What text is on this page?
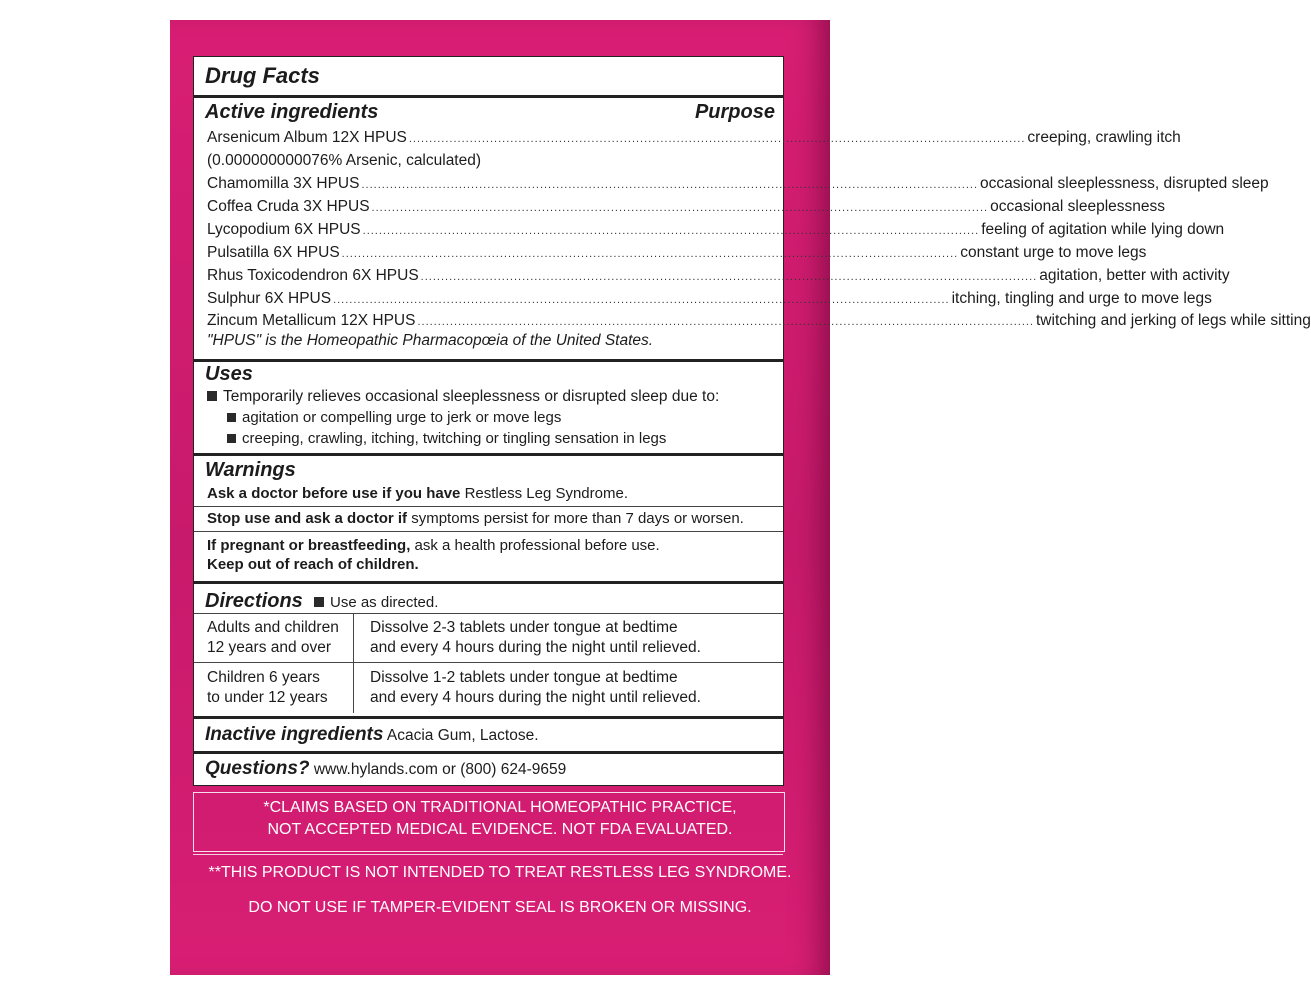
Drug Facts
Active ingredients	Purpose
Arsenicum Album 12X HPUS ........................................................................................................................................................ creeping, crawling itch
(0.000000000076% Arsenic, calculated)
Chamomilla 3X HPUS ........................................................................................................................................................ occasional sleeplessness, disrupted sleep
Coffea Cruda 3X HPUS ........................................................................................................................................................ occasional sleeplessness
Lycopodium 6X HPUS ........................................................................................................................................................ feeling of agitation while lying down
Pulsatilla 6X HPUS ........................................................................................................................................................ constant urge to move legs
Rhus Toxicodendron 6X HPUS ........................................................................................................................................................ agitation, better with activity
Sulphur 6X HPUS ........................................................................................................................................................ itching, tingling and urge to move legs
Zincum Metallicum 12X HPUS ........................................................................................................................................................ twitching and jerking of legs while sitting
"HPUS" is the Homeopathic Pharmacopœia of the United States.
Uses
Temporarily relieves occasional sleeplessness or disrupted sleep due to:
agitation or compelling urge to jerk or move legs
creeping, crawling, itching, twitching or tingling sensation in legs
Warnings
Ask a doctor before use if you have Restless Leg Syndrome.
Stop use and ask a doctor if symptoms persist for more than 7 days or worsen.
If pregnant or breastfeeding, ask a health professional before use.
Keep out of reach of children.
Directions	Use as directed.
Adults and children
12 years and over
Dissolve 2-3 tablets under tongue at bedtime
and every 4 hours during the night until relieved.
Children 6 years
to under 12 years
Dissolve 1-2 tablets under tongue at bedtime
and every 4 hours during the night until relieved.
Inactive ingredients Acacia Gum, Lactose.
Questions? www.hylands.com or (800) 624-9659
*CLAIMS BASED ON TRADITIONAL HOMEOPATHIC PRACTICE,
NOT ACCEPTED MEDICAL EVIDENCE. NOT FDA EVALUATED.
**THIS PRODUCT IS NOT INTENDED TO TREAT RESTLESS LEG SYNDROME.
DO NOT USE IF TAMPER-EVIDENT SEAL IS BROKEN OR MISSING.
